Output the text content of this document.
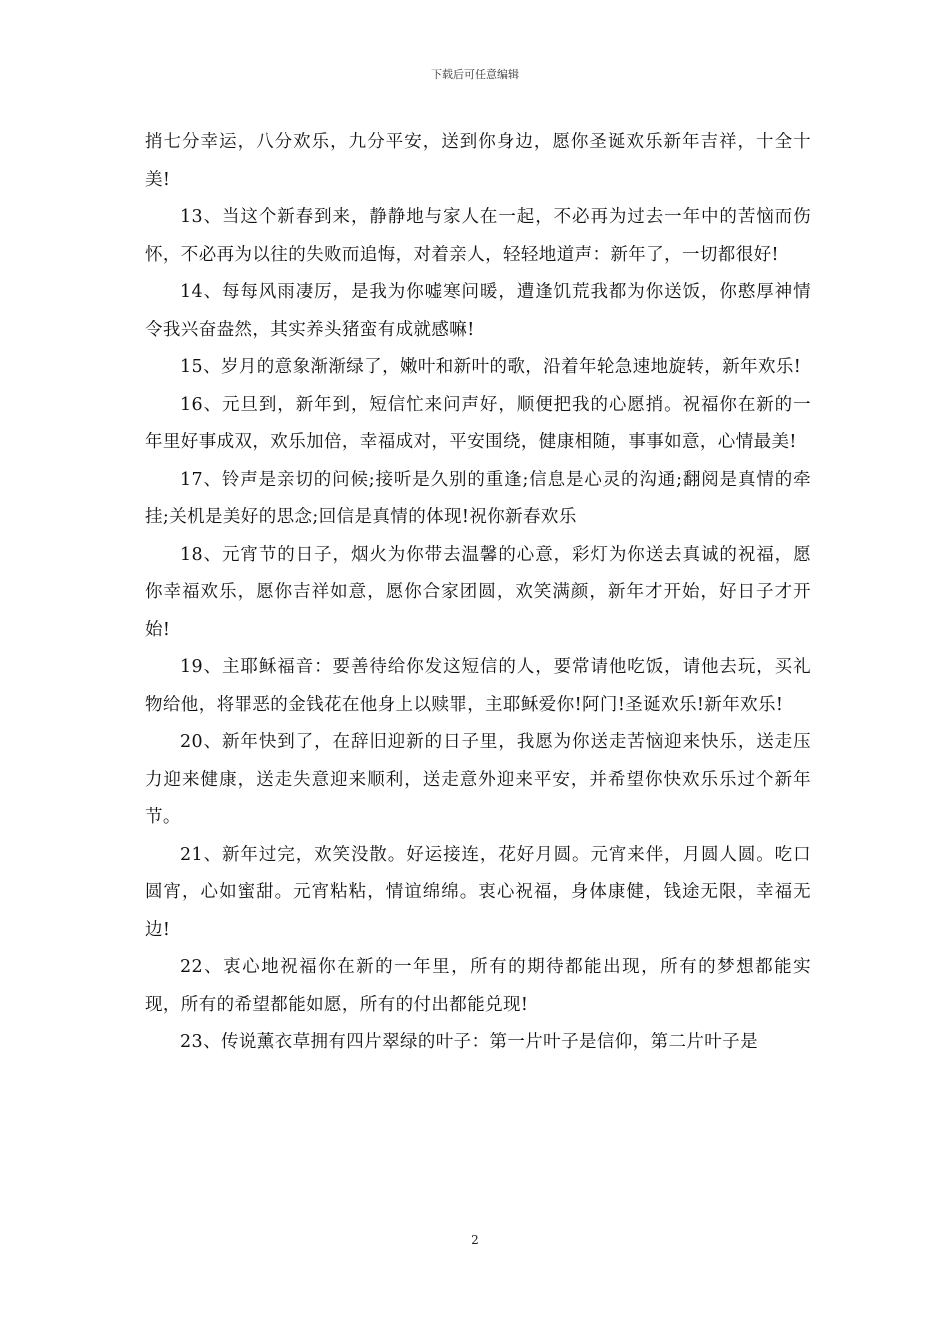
下载后可任意编辑

捎七分幸运，八分欢乐，九分平安，送到你身边，愿你圣诞欢乐新年吉祥，十全十美!

13、当这个新春到来，静静地与家人在一起，不必再为过去一年中的苦恼而伤怀，不必再为以往的失败而追悔，对着亲人，轻轻地道声：新年了，一切都很好!

14、每每风雨凄厉，是我为你嘘寒问暖，遭逢饥荒我都为你送饭，你憨厚神情令我兴奋盎然，其实养头猪蛮有成就感嘛!

15、岁月的意象渐渐绿了，嫩叶和新叶的歌，沿着年轮急速地旋转，新年欢乐!

16、元旦到，新年到，短信忙来问声好，顺便把我的心愿捎。祝福你在新的一年里好事成双，欢乐加倍，幸福成对，平安围绕，健康相随，事事如意，心情最美!

17、铃声是亲切的问候;接听是久别的重逢;信息是心灵的沟通;翻阅是真情的牵挂;关机是美好的思念;回信是真情的体现!祝你新春欢乐

18、元宵节的日子，烟火为你带去温馨的心意，彩灯为你送去真诚的祝福，愿你幸福欢乐，愿你吉祥如意，愿你合家团圆，欢笑满颜，新年才开始，好日子才开始!

19、主耶稣福音：要善待给你发这短信的人，要常请他吃饭，请他去玩，买礼物给他，将罪恶的金钱花在他身上以赎罪，主耶稣爱你!阿门!圣诞欢乐!新年欢乐!

20、新年快到了，在辞旧迎新的日子里，我愿为你送走苦恼迎来快乐，送走压力迎来健康，送走失意迎来顺利，送走意外迎来平安，并希望你快欢乐乐过个新年节。

21、新年过完，欢笑没散。好运接连，花好月圆。元宵来伴，月圆人圆。吃口圆宵，心如蜜甜。元宵粘粘，情谊绵绵。衷心祝福，身体康健，钱途无限，幸福无边!

22、衷心地祝福你在新的一年里，所有的期待都能出现，所有的梦想都能实现，所有的希望都能如愿，所有的付出都能兑现!

23、传说薰衣草拥有四片翠绿的叶子：第一片叶子是信仰，第二片叶子是

2
